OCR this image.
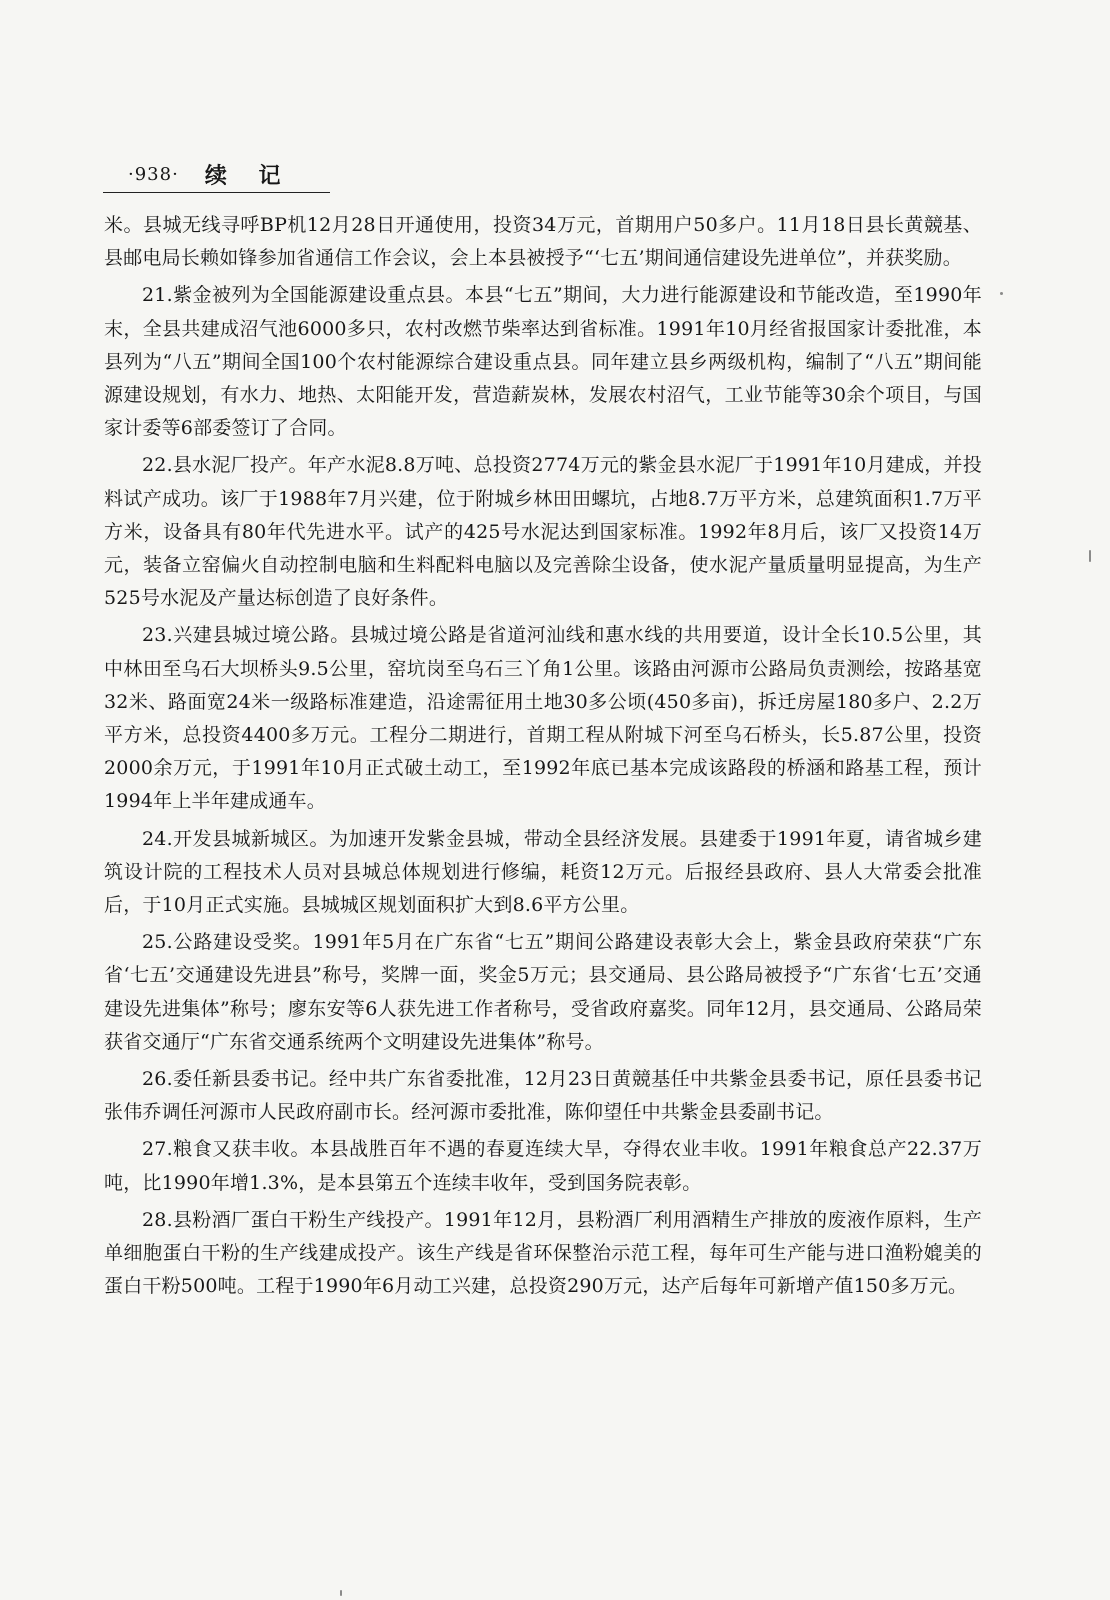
·938· 续 记

米。县城无线寻呼BP机12月28日开通使用，投资34万元，首期用户50多户。11月18日县长黄競基、县邮电局长赖如锋参加省通信工作会议，会上本县被授予“‘七五’期间通信建设先进单位”，并获奖励。

21.紫金被列为全国能源建设重点县。本县“七五”期间，大力进行能源建设和节能改造，至1990年末，全县共建成沼气池6000多只，农村改燃节柴率达到省标准。1991年10月经省报国家计委批准，本县列为“八五”期间全国100个农村能源综合建设重点县。同年建立县乡两级机构，编制了“八五”期间能源建设规划，有水力、地热、太阳能开发，营造薪炭林，发展农村沼气，工业节能等30余个项目，与国家计委等6部委签订了合同。

22.县水泥厂投产。年产水泥8.8万吨、总投资2774万元的紫金县水泥厂于1991年10月建成，并投料试产成功。该厂于1988年7月兴建，位于附城乡林田田螺坑，占地8.7万平方米，总建筑面积1.7万平方米，设备具有80年代先进水平。试产的425号水泥达到国家标准。1992年8月后，该厂又投资14万元，装备立窑偏火自动控制电脑和生料配料电脑以及完善除尘设备，使水泥产量质量明显提高，为生产525号水泥及产量达标创造了良好条件。

23.兴建县城过境公路。县城过境公路是省道河汕线和惠水线的共用要道，设计全长10.5公里，其中林田至乌石大坝桥头9.5公里，窑坑岗至乌石三丫角1公里。该路由河源市公路局负责测绘，按路基宽32米、路面宽24米一级路标准建造，沿途需征用土地30多公顷(450多亩)，拆迁房屋180多户、2.2万平方米，总投资4400多万元。工程分二期进行，首期工程从附城下河至乌石桥头，长5.87公里，投资2000余万元，于1991年10月正式破土动工，至1992年底已基本完成该路段的桥涵和路基工程，预计1994年上半年建成通车。

24.开发县城新城区。为加速开发紫金县城，带动全县经济发展。县建委于1991年夏，请省城乡建筑设计院的工程技术人员对县城总体规划进行修编，耗资12万元。后报经县政府、县人大常委会批准后，于10月正式实施。县城城区规划面积扩大到8.6平方公里。

25.公路建设受奖。1991年5月在广东省“七五”期间公路建设表彰大会上，紫金县政府荣获“广东省‘七五’交通建设先进县”称号，奖牌一面，奖金5万元；县交通局、县公路局被授予“广东省‘七五’交通建设先进集体”称号；廖东安等6人获先进工作者称号，受省政府嘉奖。同年12月，县交通局、公路局荣获省交通厅“广东省交通系统两个文明建设先进集体”称号。

26.委任新县委书记。经中共广东省委批准，12月23日黄競基任中共紫金县委书记，原任县委书记张伟乔调任河源市人民政府副市长。经河源市委批准，陈仰望任中共紫金县委副书记。

27.粮食又获丰收。本县战胜百年不遇的春夏连续大旱，夺得农业丰收。1991年粮食总产22.37万吨，比1990年增1.3%，是本县第五个连续丰收年，受到国务院表彰。

28.县粉酒厂蛋白干粉生产线投产。1991年12月，县粉酒厂利用酒精生产排放的废液作原料，生产单细胞蛋白干粉的生产线建成投产。该生产线是省环保整治示范工程，每年可生产能与进口渔粉媲美的蛋白干粉500吨。工程于1990年6月动工兴建，总投资290万元，达产后每年可新增产值150多万元。
